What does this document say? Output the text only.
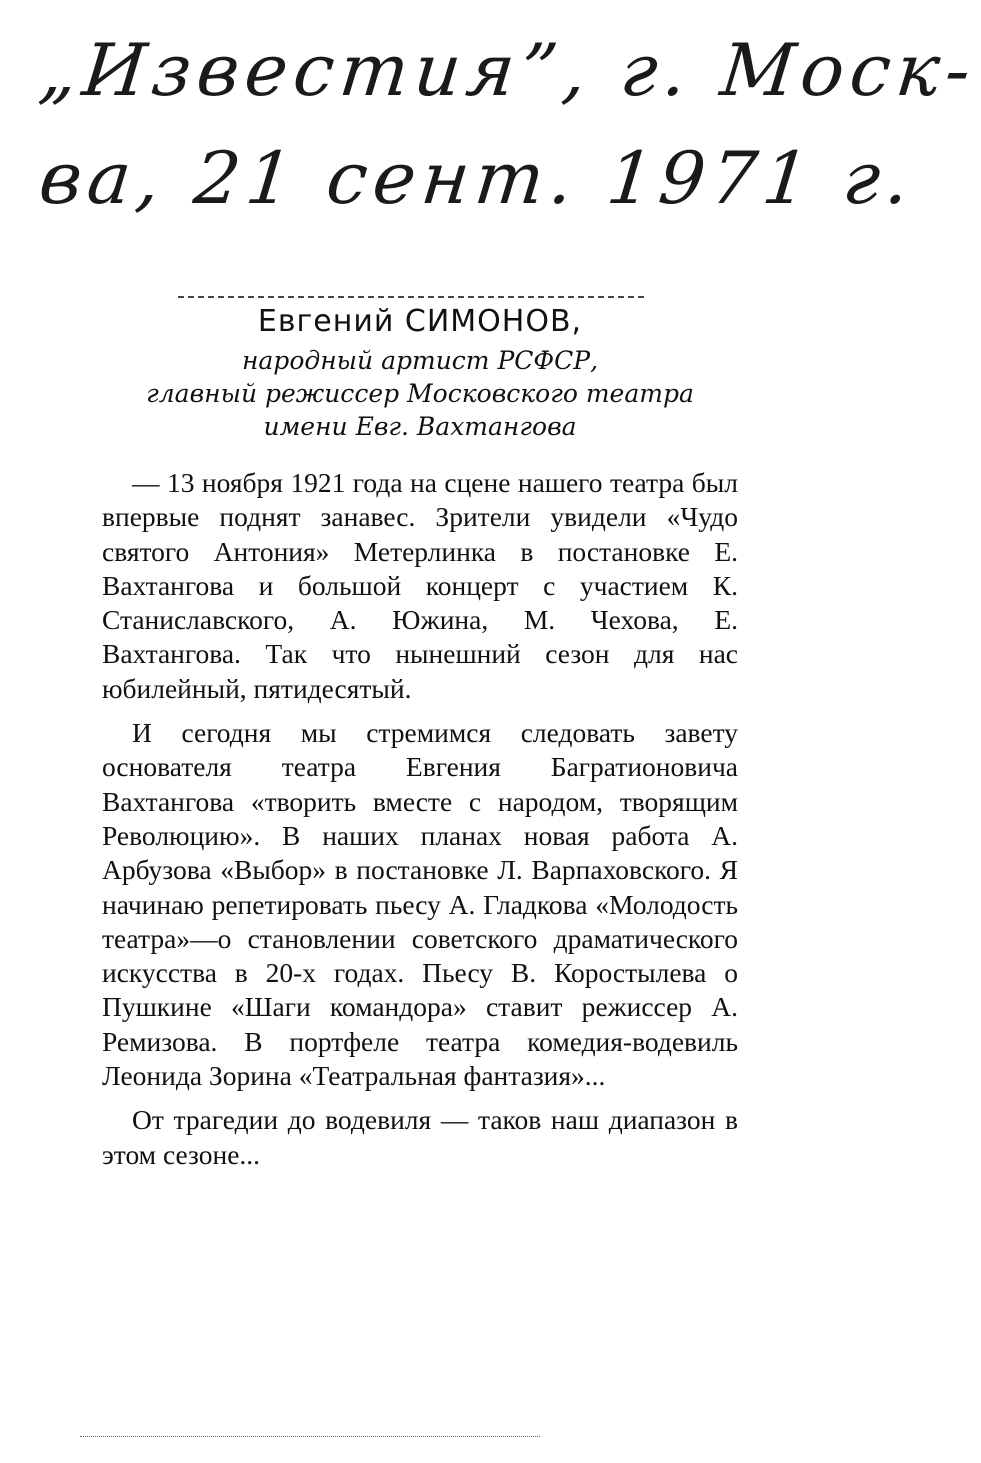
„Известия”, г. Моск-
ва, 21 сент. 1971 г.
Евгений СИМОНОВ,
народный артист РСФСР,
главный режиссер Московского театра
имени Евг. Вахтангова

— 13 ноября 1921 года на сцене нашего театра был впервые поднят занавес. Зрители увидели «Чудо святого Антония» Метерлинка в постановке Е. Вахтангова и большой концерт с участием К. Станиславского, А. Южина, М. Чехова, Е. Вахтангова. Так что нынешний сезон для нас юбилейный, пятидесятый.

И сегодня мы стремимся следовать завету основателя театра Евгения Багратионовича Вахтангова «творить вместе с народом, творящим Революцию». В наших планах новая работа А. Арбузова «Выбор» в постановке Л. Варпаховского. Я начинаю репетировать пьесу А. Гладкова «Молодость театра»—о становлении советского драматического искусства в 20-х годах. Пьесу В. Коростылева о Пушкине «Шаги командора» ставит режиссер А. Ремизова. В портфеле театра комедия-водевиль Леонида Зорина «Театральная фантазия»...

От трагедии до водевиля — таков наш диапазон в этом сезоне...
